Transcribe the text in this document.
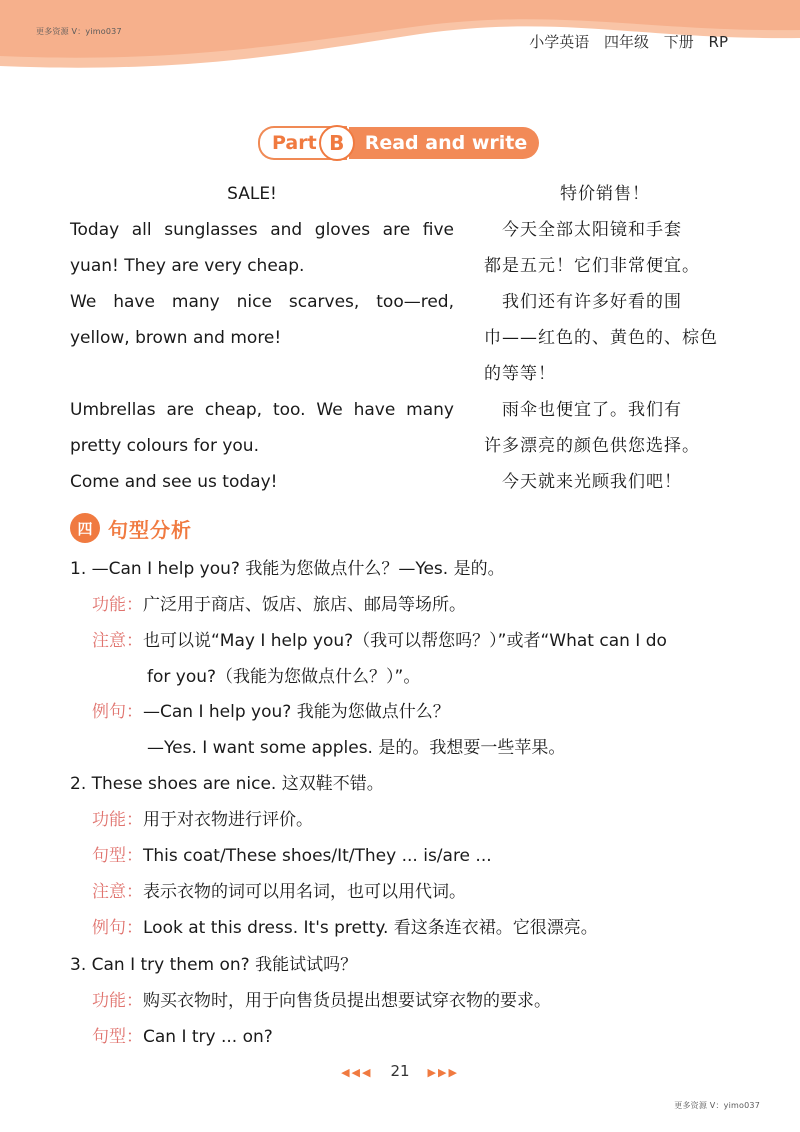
更多资源 V：yimo037
小学英语 四年级 下册 RP
Part B	Read and write
SALE!
Today all sunglasses and gloves are five
yuan! They are very cheap.
We have many nice scarves, too—red,
yellow, brown and more!
Umbrellas are cheap, too. We have many
pretty colours for you.
Come and see us today!
特价销售！
　今天全部太阳镜和手套
都是五元！它们非常便宜。
　我们还有许多好看的围
巾——红色的、黄色的、棕色
的等等！
　雨伞也便宜了。我们有
许多漂亮的颜色供您选择。
　今天就来光顾我们吧！
四 句型分析
1. —Can I help you? 我能为您做点什么？—Yes. 是的。
功能：广泛用于商店、饭店、旅店、邮局等场所。
注意：也可以说“May I help you?（我可以帮您吗？）”或者“What can I do
for you?（我能为您做点什么？）”。
例句：—Can I help you? 我能为您做点什么？
—Yes. I want some apples. 是的。我想要一些苹果。
2. These shoes are nice. 这双鞋不错。
功能：用于对衣物进行评价。
句型：This coat/These shoes/It/They ... is/are ...
注意：表示衣物的词可以用名词，也可以用代词。
例句：Look at this dress. It's pretty. 看这条连衣裙。它很漂亮。
3. Can I try them on? 我能试试吗？
功能：购买衣物时，用于向售货员提出想要试穿衣物的要求。
句型：Can I try ... on?
◀◀◀ 21 ▶▶▶
更多资源 V：yimo037
